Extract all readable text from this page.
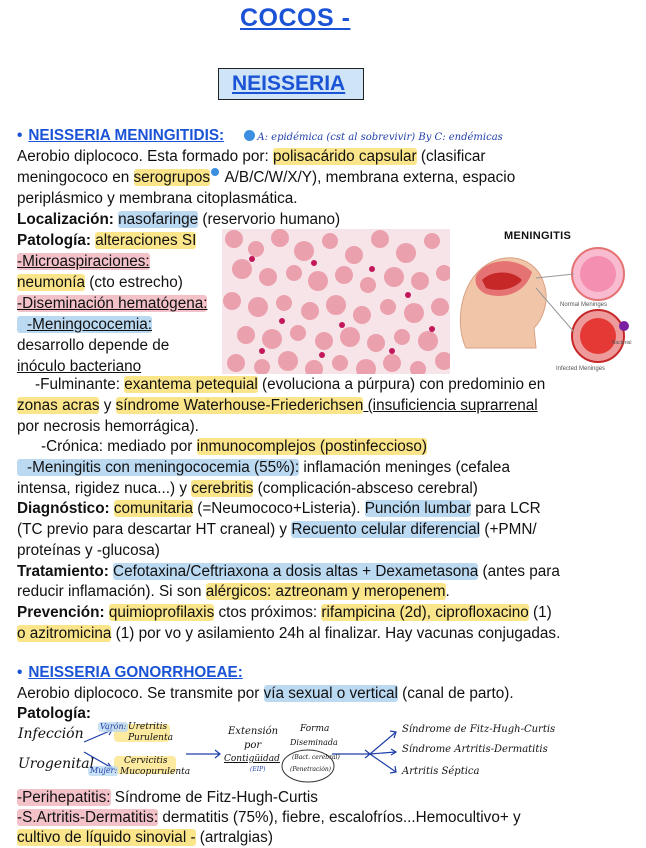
COCOS -
NEISSERIA
• NEISSERIA MENINGITIDIS:	A: epidémica (cst al sobrevivir) By C: endémicas
Aerobio diplococo. Esta formado por: polisacárido capsular (clasificar
meningococo en serogrupos A/B/C/W/X/Y), membrana externa, espacio
periplásmico y membrana citoplasmática.
Localización: nasofaringe (reservorio humano)
Patología: alteraciones SI
-Microaspiraciones:
neumonía (cto estrecho)
-Diseminación hematógena:
-Meningococemia:
desarrollo depende de
inóculo bacteriano
MENINGITIS
Normal Meninges
Infected Meninges
Bacterial
-Fulminante: exantema petequial (evoluciona a púrpura) con predominio en
zonas acras y síndrome Waterhouse-Friederichsen (insuficiencia suprarrenal
por necrosis hemorrágica).
-Crónica: mediado por inmunocomplejos (postinfeccioso)
-Meningitis con meningococemia (55%): inflamación meninges (cefalea
intensa, rigidez nuca...) y cerebritis (complicación-absceso cerebral)
Diagnóstico: comunitaria (=Neumococo+Listeria). Punción lumbar para LCR
(TC previo para descartar HT craneal) y Recuento celular diferencial (+PMN/
proteínas y -glucosa)
Tratamiento: Cefotaxina/Ceftriaxona a dosis altas + Dexametasona (antes para
reducir inflamación). Si son alérgicos: aztreonam y meropenem.
Prevención: quimioprofilaxis ctos próximos: rifampicina (2d), ciprofloxacino (1)
o azitromicina (1) por vo y asilamiento 24h al finalizar. Hay vacunas conjugadas.
• NEISSERIA GONORRHOEAE:
Aerobio diplococo. Se transmite por vía sexual o vertical (canal de parto).
Patología:
Infección
Urogenital
Varón: Uretritis
Purulenta
Mujer:
Cervicitis
Mucopurulenta
Extensión
por
Contigüidad
(EIP)
Forma
Diseminada
(Bact. cerebral)
(Penetración)
Síndrome de Fitz-Hugh-Curtis
Síndrome Artritis-Dermatitis
Artritis Séptica
-Perihepatitis: Síndrome de Fitz-Hugh-Curtis
-S.Artritis-Dermatitis: dermatitis (75%), fiebre, escalofríos...Hemocultivo+ y
cultivo de líquido sinovial - (artralgias)
